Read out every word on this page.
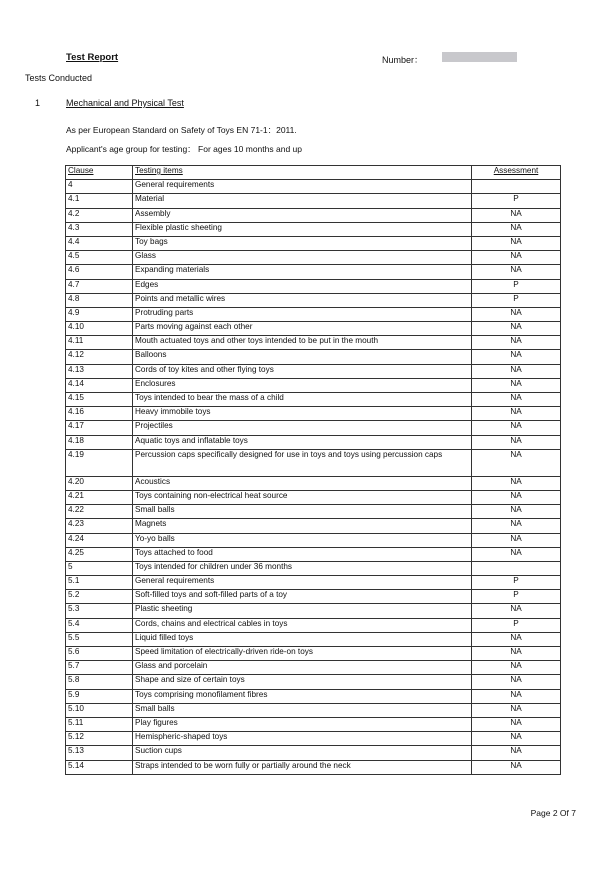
Test Report	Number：
Tests Conducted
1	Mechanical and Physical Test
As per European Standard on Safety of Toys EN 71-1：2011.
Applicant's age group for testing： For ages 10 months and up
Clause	Testing items	Assessment
4	General requirements	
4.1	Material	P
4.2	Assembly	NA
4.3	Flexible plastic sheeting	NA
4.4	Toy bags	NA
4.5	Glass	NA
4.6	Expanding materials	NA
4.7	Edges	P
4.8	Points and metallic wires	P
4.9	Protruding parts	NA
4.10	Parts moving against each other	NA
4.11	Mouth actuated toys and other toys intended to be put in the mouth	NA
4.12	Balloons	NA
4.13	Cords of toy kites and other flying toys	NA
4.14	Enclosures	NA
4.15	Toys intended to bear the mass of a child	NA
4.16	Heavy immobile toys	NA
4.17	Projectiles	NA
4.18	Aquatic toys and inflatable toys	NA
4.19	Percussion caps specifically designed for use in toys and toys using percussion caps	NA
4.20	Acoustics	NA
4.21	Toys containing non-electrical heat source	NA
4.22	Small balls	NA
4.23	Magnets	NA
4.24	Yo-yo balls	NA
4.25	Toys attached to food	NA
5	Toys intended for children under 36 months	
5.1	General requirements	P
5.2	Soft-filled toys and soft-filled parts of a toy	P
5.3	Plastic sheeting	NA
5.4	Cords, chains and electrical cables in toys	P
5.5	Liquid filled toys	NA
5.6	Speed limitation of electrically-driven ride-on toys	NA
5.7	Glass and porcelain	NA
5.8	Shape and size of certain toys	NA
5.9	Toys comprising monofilament fibres	NA
5.10	Small balls	NA
5.11	Play figures	NA
5.12	Hemispheric-shaped toys	NA
5.13	Suction cups	NA
5.14	Straps intended to be worn fully or partially around the neck	NA
Page 2 Of 7
